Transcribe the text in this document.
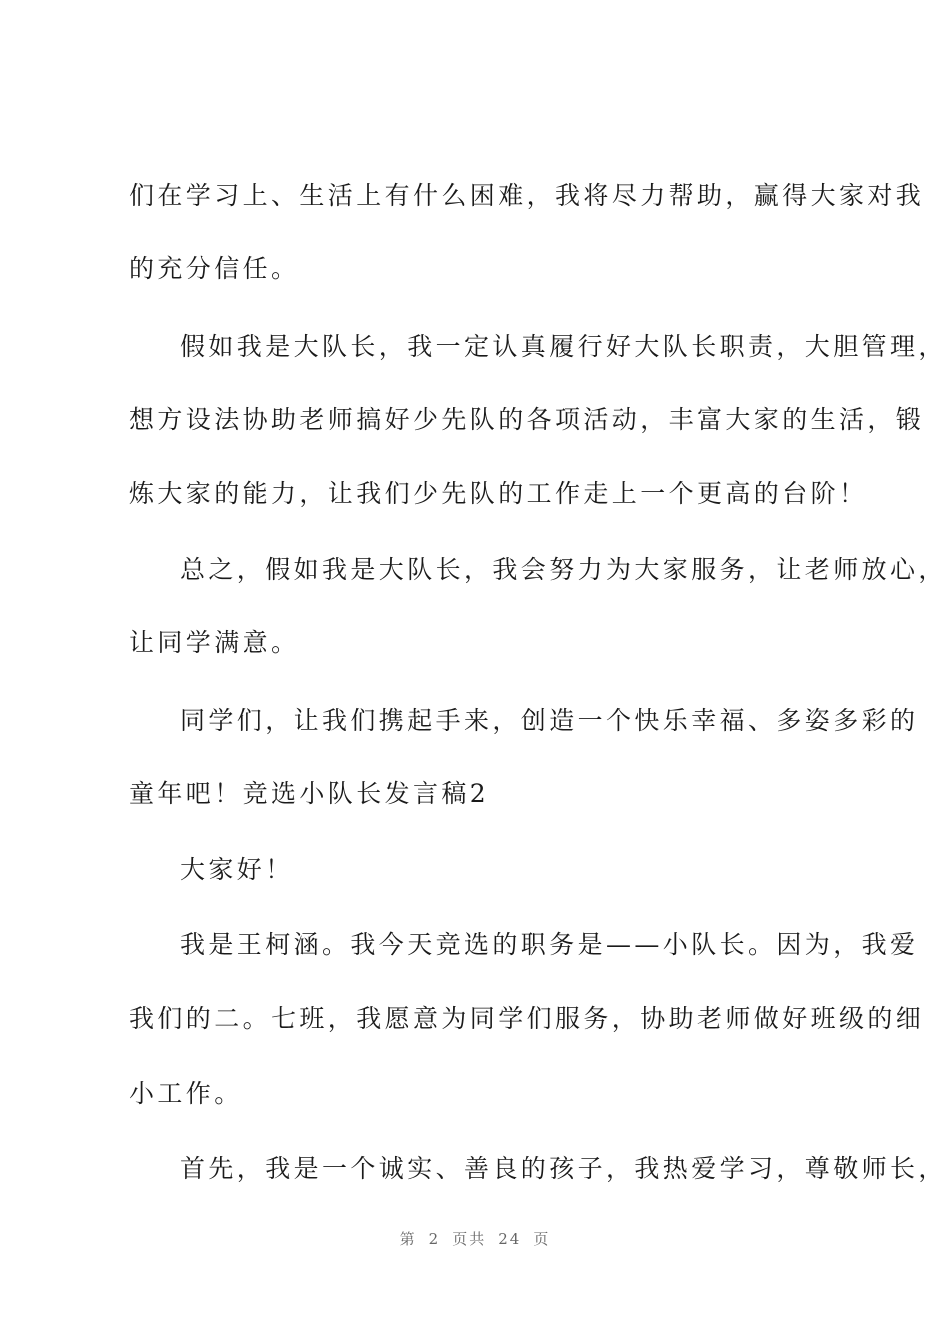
们在学习上、生活上有什么困难，我将尽力帮助，赢得大家对我
的充分信任。
假如我是大队长，我一定认真履行好大队长职责，大胆管理，
想方设法协助老师搞好少先队的各项活动，丰富大家的生活，锻
炼大家的能力，让我们少先队的工作走上一个更高的台阶！
总之，假如我是大队长，我会努力为大家服务，让老师放心，
让同学满意。
同学们，让我们携起手来，创造一个快乐幸福、多姿多彩的
童年吧！竞选小队长发言稿2
大家好！
我是王柯涵。我今天竞选的职务是——小队长。因为，我爱
我们的二。七班，我愿意为同学们服务，协助老师做好班级的细
小工作。
首先，我是一个诚实、善良的孩子，我热爱学习，尊敬师长，
第 2 页共 24 页
